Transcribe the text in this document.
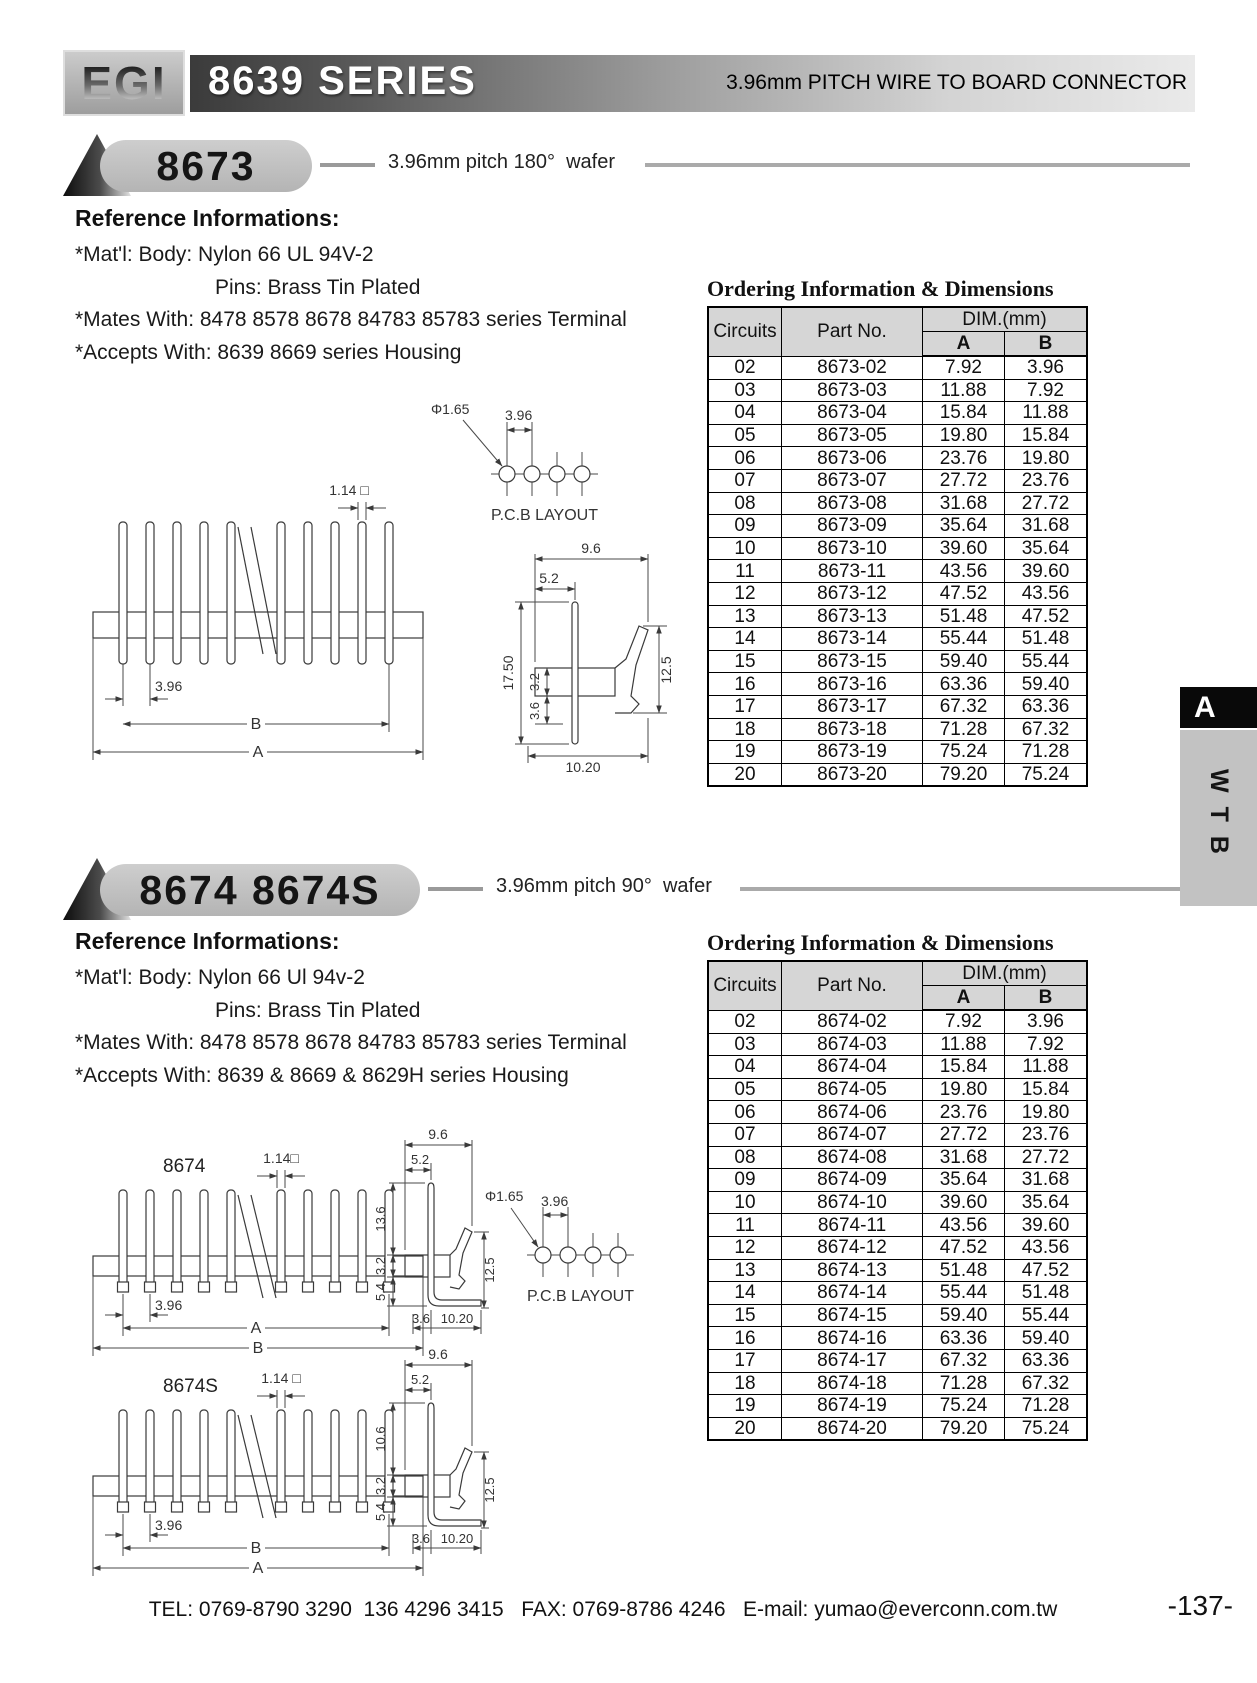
EGI 8639 SERIES	3.96mm PITCH WIRE TO BOARD CONNECTOR
8673	3.96mm pitch 180°  wafer
Reference Informations:
*Mat'l: Body: Nylon 66 UL 94V-2
Pins: Brass Tin Plated
*Mates With: 8478 8578 8678 84783 85783 series Terminal
*Accepts With: 8639 8669 series Housing
Ordering Information & Dimensions
Circuits	Part No.	DIM.(mm)	
		A	B
02	8673-02	7.92	3.96
03	8673-03	11.88	7.92
04	8673-04	15.84	11.88
05	8673-05	19.80	15.84
06	8673-06	23.76	19.80
07	8673-07	27.72	23.76
08	8673-08	31.68	27.72
09	8673-09	35.64	31.68
10	8673-10	39.60	35.64
11	8673-11	43.56	39.60
12	8673-12	47.52	43.56
13	8673-13	51.48	47.52
14	8673-14	55.44	51.48
15	8673-15	59.40	55.44
16	8673-16	63.36	59.40
17	8673-17	67.32	63.36
18	8673-18	71.28	67.32
19	8673-19	75.24	71.28
20	8673-20	79.20	75.24
1.14 □
3.96
B
A
Φ1.65	3.96
P.C.B LAYOUT
9.6
5.2
17.50 3.2
3.6
12.5
10.20
8674 8674S	3.96mm pitch 90°  wafer
Reference Informations:
*Mat'l: Body: Nylon 66 Ul 94v-2
Pins: Brass Tin Plated
*Mates With: 8478 8578 8678 84783 85783 series Terminal
*Accepts With: 8639 & 8669 & 8629H series Housing
Ordering Information & Dimensions
Circuits	Part No.	DIM.(mm)	
		A	B
02	8674-02	7.92	3.96
03	8674-03	11.88	7.92
04	8674-04	15.84	11.88
05	8674-05	19.80	15.84
06	8674-06	23.76	19.80
07	8674-07	27.72	23.76
08	8674-08	31.68	27.72
09	8674-09	35.64	31.68
10	8674-10	39.60	35.64
11	8674-11	43.56	39.60
12	8674-12	47.52	43.56
13	8674-13	51.48	47.52
14	8674-14	55.44	51.48
15	8674-15	59.40	55.44
16	8674-16	63.36	59.40
17	8674-17	67.32	63.36
18	8674-18	71.28	67.32
19	8674-19	75.24	71.28
20	8674-20	79.20	75.24
8674	1.14□
3.96
A
B
9.6
5.2
13.6
3.2
5.4
12.5
3.6 10.20
Φ1.65 3.96
P.C.B LAYOUT
8674S	1.14 □
3.96
B
A
9.6
5.2
10.6
3.2
5.4
12.5
3.6 10.20
A
WTB
TEL: 0769-8790 3290  136 4296 3415   FAX: 0769-8786 4246   E-mail: yumao@everconn.com.tw	-137-
